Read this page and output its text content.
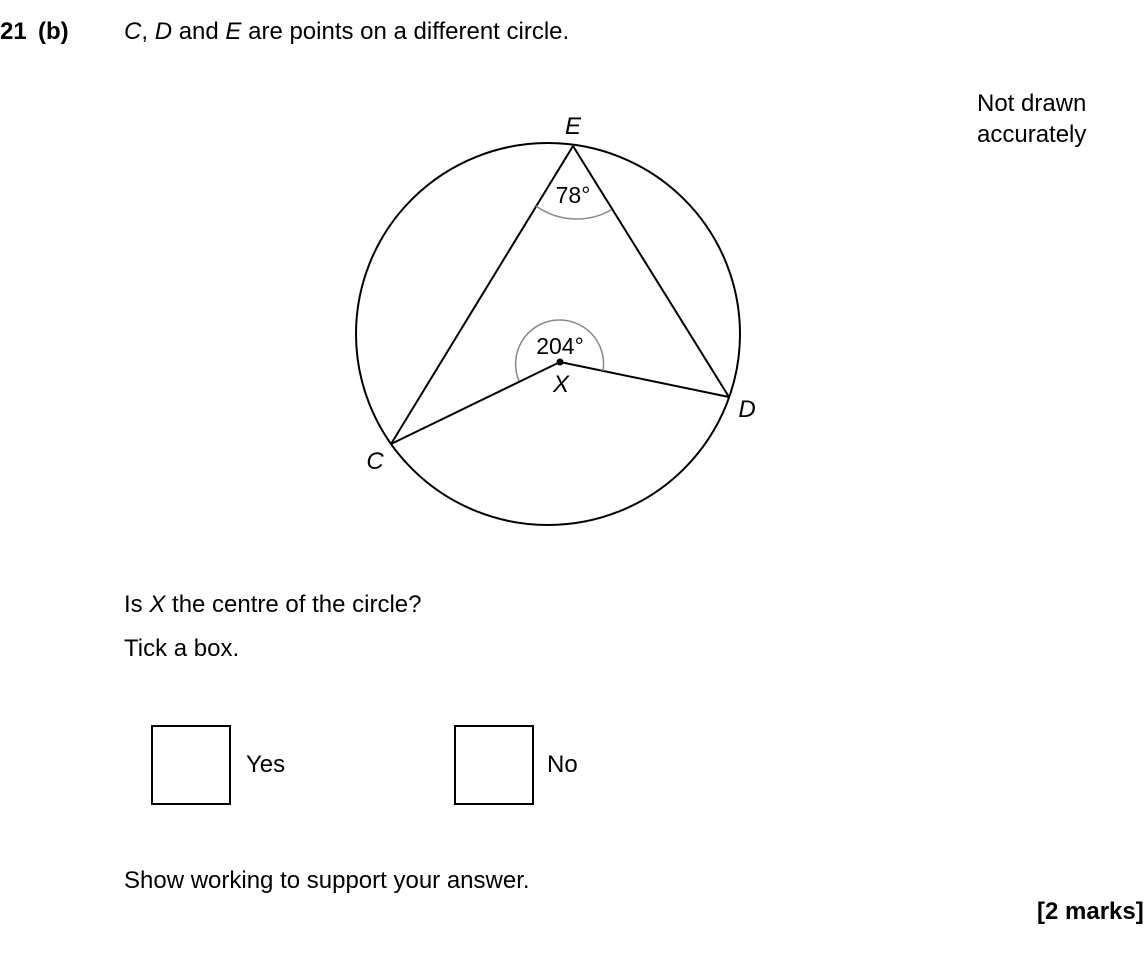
21 (b) C, D and E are points on a different circle.
Not drawn
accurately
E
D
C
X
78°
204°
Is X the centre of the circle?
Tick a box.
Yes	No
Show working to support your answer.
[2 marks]
